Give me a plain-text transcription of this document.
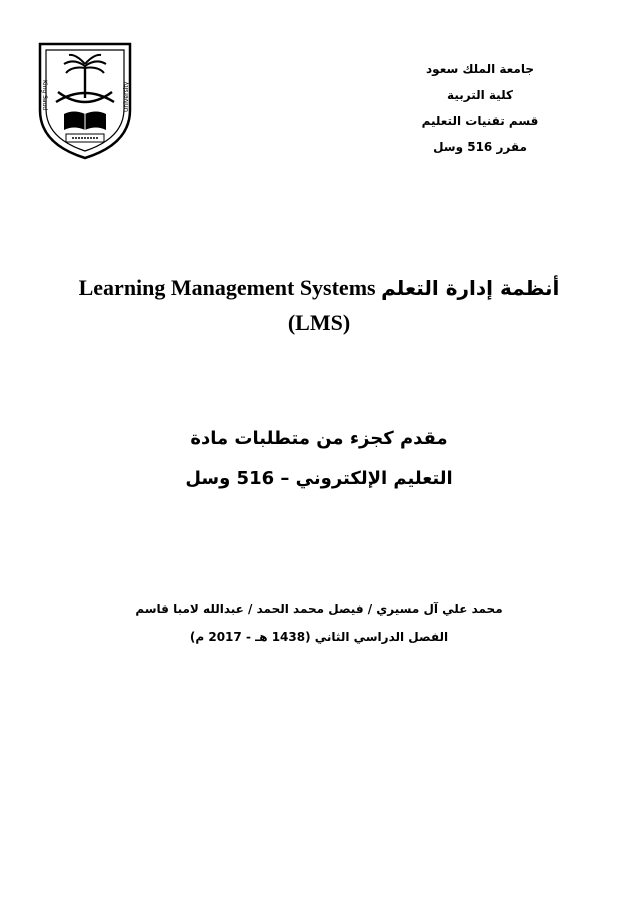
King Saud	University
جامعة الملك سعود
كلية التربية
قسم تقنيات التعليم
مقرر 516 وسل
Learning Management Systems أنظمة إدارة التعلم
(LMS)
مقدم كجزء من متطلبات مادة
التعليم الإلكتروني – 516 وسل
محمد علي آل مسيري / فيصل محمد الحمد / عبدالله لامبا قاسم
الفصل الدراسي الثاني (1438 هـ - 2017 م)
